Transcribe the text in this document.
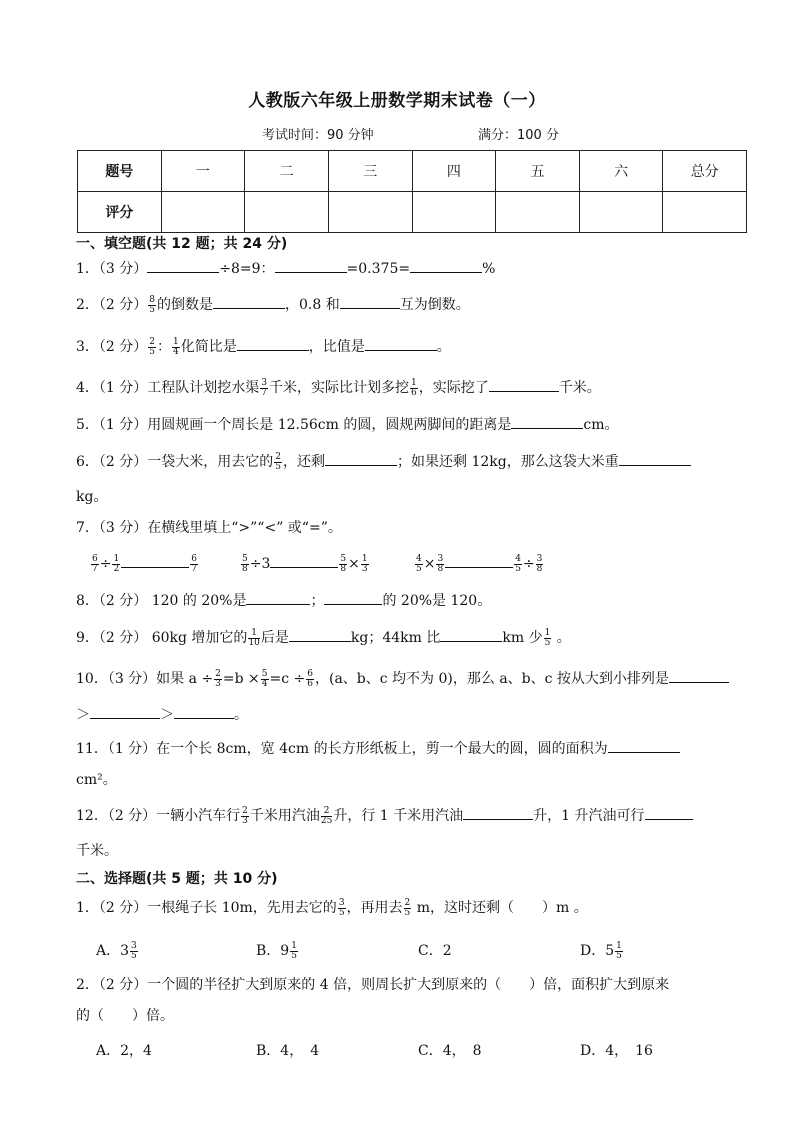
人教版六年级上册数学期末试卷（一）
考试时间：90 分钟	满分：100 分
题号	一	二	三	四	五	六	总分
评分							
一、填空题(共 12 题；共 24 分)
1．（3 分）	÷8=9：	=0.375=	%
2．（2 分） $\frac{8}{5}$ 的倒数是	，0.8 和	互为倒数。
3．（2 分） $\frac{2}{5}$ ： $\frac{1}{4}$ 化简比是	，比值是	。
4．（1 分）工程队计划挖水渠 $\frac{3}{7}$ 千米，实际比计划多挖 $\frac{1}{6}$ ，实际挖了	千米。
5．（1 分）用圆规画一个周长是 12.56cm 的圆，圆规两脚间的距离是	cm。
6．（2 分）一袋大米，用去它的 $\frac{2}{5}$ ，还剩	；如果还剩 12kg，那么这袋大米重
kg。
7．（3 分）在横线里填上“>”“<” 或“=”。
$\frac{6}{7} \div \frac{1}{2}$	$\frac{6}{7}$	$\frac{5}{8} \div 3$	$\frac{5}{8} \times \frac{1}{3}$	$\frac{4}{5} \times \frac{3}{8}$	$\frac{4}{5} \div \frac{3}{8}$
8．（2 分） 120 的 20%是	；	的 20%是 120。
9．（2 分） 60kg 增加它的 $\frac{1}{10}$ 后是	kg；44km 比	km 少 $\frac{1}{5}$ 。
10．（3 分）如果 $a \div \frac{2}{3} =b \times \frac{5}{4} =c \div \frac{6}{6}$ ，(a、b、c 均不为 0)，那么 a、b、c 按从大到小排列是
＞	＞	。
11．（1 分）在一个长 8cm，宽 4cm 的长方形纸板上，剪一个最大的圆，圆的面积为
cm²。
12．（2 分）一辆小汽车行 $\frac{2}{3}$ 千米用汽油 $\frac{2}{25}$ 升，行 1 千米用汽油	升，1 升汽油可行
千米。
二、选择题(共 5 题；共 10 分)
1．（2 分）一根绳子长 10m，先用去它的 $\frac{3}{5}$ ，再用去 $\frac{2}{5}$ m，这时还剩（　　）m 。
A．$3 \frac{3}{5}$	B．$9 \frac{1}{5}$	C．2	D．$5 \frac{1}{5}$
2．（2 分）一个圆的半径扩大到原来的 4 倍，则周长扩大到原来的（　　）倍，面积扩大到原来
的（　　）倍。
A．2，4	B．4，　4	C．4，　8	D．4，　16
